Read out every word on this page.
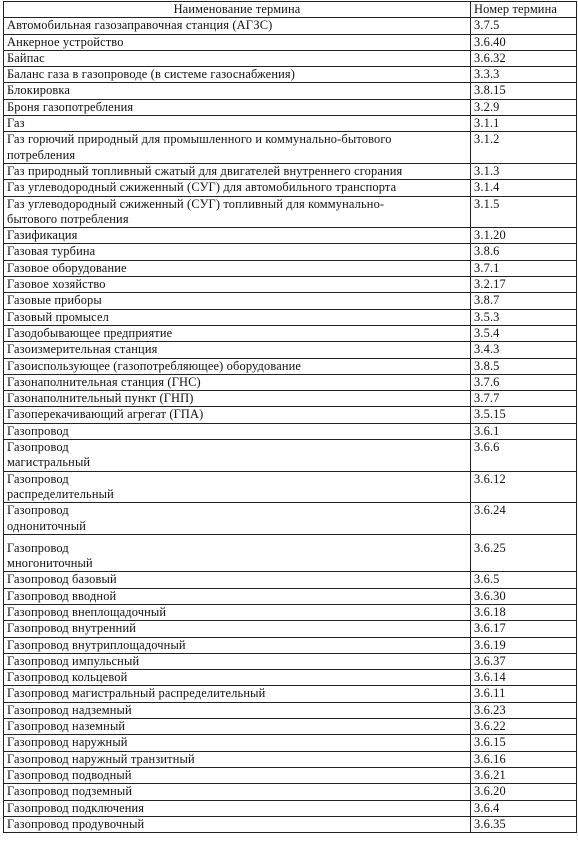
Наименование термина	Номер термина

Автомобильная газозаправочная станция (АГЗС)	3.7.5

Анкерное устройство	3.6.40

Байпас	3.6.32

Баланс газа в газопроводе (в системе газоснабжения)	3.3.3

Блокировка	3.8.15

Броня газопотребления	3.2.9

Газ	3.1.1

Газ горючий природный для промышленного и коммунально-бытового
потребления	3.1.2

Газ природный топливный сжатый для двигателей внутреннего сгорания	3.1.3

Газ углеводородный сжиженный (СУГ) для автомобильного транспорта	3.1.4

Газ углеводородный сжиженный (СУГ) топливный для коммунально-
бытового потребления	3.1.5

Газификация	3.1.20

Газовая турбина	3.8.6

Газовое оборудование	3.7.1

Газовое хозяйство	3.2.17

Газовые приборы	3.8.7

Газовый промысел	3.5.3

Газодобывающее предприятие	3.5.4

Газоизмерительная станция	3.4.3

Газоиспользующее (газопотребляющее) оборудование	3.8.5

Газонаполнительная станция (ГНС)	3.7.6

Газонаполнительный пункт (ГНП)	3.7.7

Газоперекачивающий агрегат (ГПА)	3.5.15

Газопровод	3.6.1

Газопровод
магистральный	3.6.6

Газопровод
распределительный	3.6.12

Газопровод
однониточный	3.6.24

Газопровод
многониточный	3.6.25

Газопровод базовый	3.6.5

Газопровод вводной	3.6.30

Газопровод внеплощадочный	3.6.18

Газопровод внутренний	3.6.17

Газопровод внутриплощадочный	3.6.19

Газопровод импульсный	3.6.37

Газопровод кольцевой	3.6.14

Газопровод магистральный распределительный	3.6.11

Газопровод надземный	3.6.23

Газопровод наземный	3.6.22

Газопровод наружный	3.6.15

Газопровод наружный транзитный	3.6.16

Газопровод подводный	3.6.21

Газопровод подземный	3.6.20

Газопровод подключения	3.6.4

Газопровод продувочный	3.6.35
